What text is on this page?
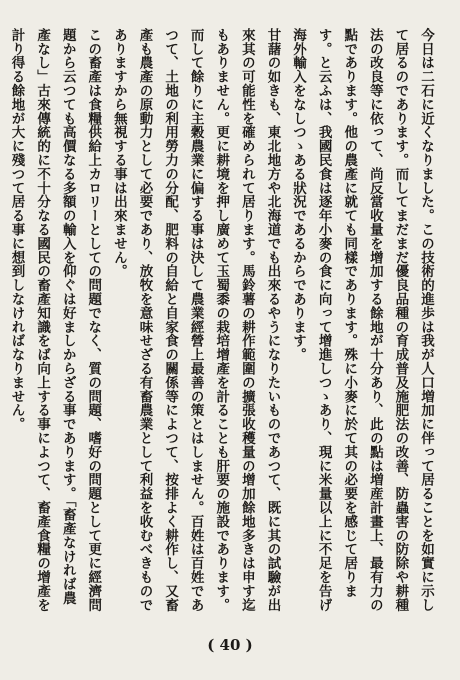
今日は二石に近くなりました。この技術的進歩は我が人口増加に伴って居ることを如實に示して居るのであります。而してまだまだ優良品種の育成普及施肥法の改善、防蟲害の防除や耕種法の改良等に依って、尚反當收量を增加する餘地が十分あり、此の點は増産計畫上、最有力の點であります。他の農產に就ても同樣であります。殊に小麥に於て其の必要を感じて居ります。と云ふは、我國民食は逐年小麥の食に向って增進しつゝあり、現に米量以上に不足を告げ海外輸入をなしつゝある狀況であるからであります。

甘藷の如きも、東北地方や北海道でも出來るやうになりたいものであつて、既に其の試驗が出來其の可能性を確められて居ります。馬鈴薯の耕作範圍の擴張收穫量の增加餘地多きは申す迄もありません。更に耕境を押し廣めて玉蜀黍の栽培增產を計ることも肝要の施設であります。

而して餘りに主穀農業に偏する事は決して農業經營上最善の策とはしません。百姓は百姓であつて、土地の利用勞力の分配、肥料の自給と自家食の關係等によつて、按排よく耕作し、又畜產も農產の原動力として必要であり、放牧を意味せざる有畜農業として利益を收むべきものでありますから無視する事は出來ません。

この畜產は食糧供給上カロリーとしての問題でなく、質の問題、嗜好の問題として更に經濟問題から云つても高價なる多額の輸入を仰ぐは好ましからざる事であります。「畜產なければ農產なし」古來傳統的に不十分なる國民の畜產知識をば向上する事によつて、畜產食糧の增產を計り得る餘地が大に殘つて居る事に想到しなければなりません。

( 40 )
